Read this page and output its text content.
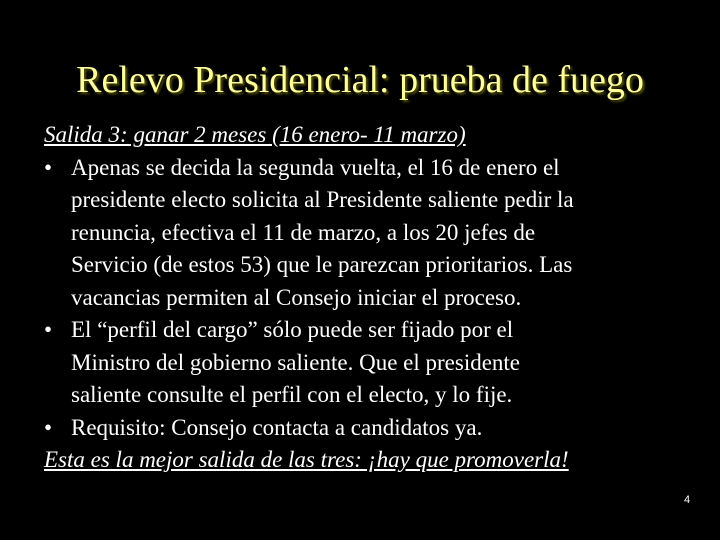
Relevo Presidencial: prueba de fuego
Salida 3: ganar 2 meses (16 enero- 11 marzo)
• Apenas se decida la segunda vuelta, el 16 de enero el
presidente electo solicita al Presidente saliente pedir la
renuncia, efectiva el 11 de marzo, a los 20 jefes de
Servicio (de estos 53) que le parezcan prioritarios. Las
vacancias permiten al Consejo iniciar el proceso.
• El “perfil del cargo” sólo puede ser fijado por el
Ministro del gobierno saliente. Que el presidente
saliente consulte el perfil con el electo, y lo fije.
• Requisito: Consejo contacta a candidatos ya.
Esta es la mejor salida de las tres: ¡hay que promoverla!
4
